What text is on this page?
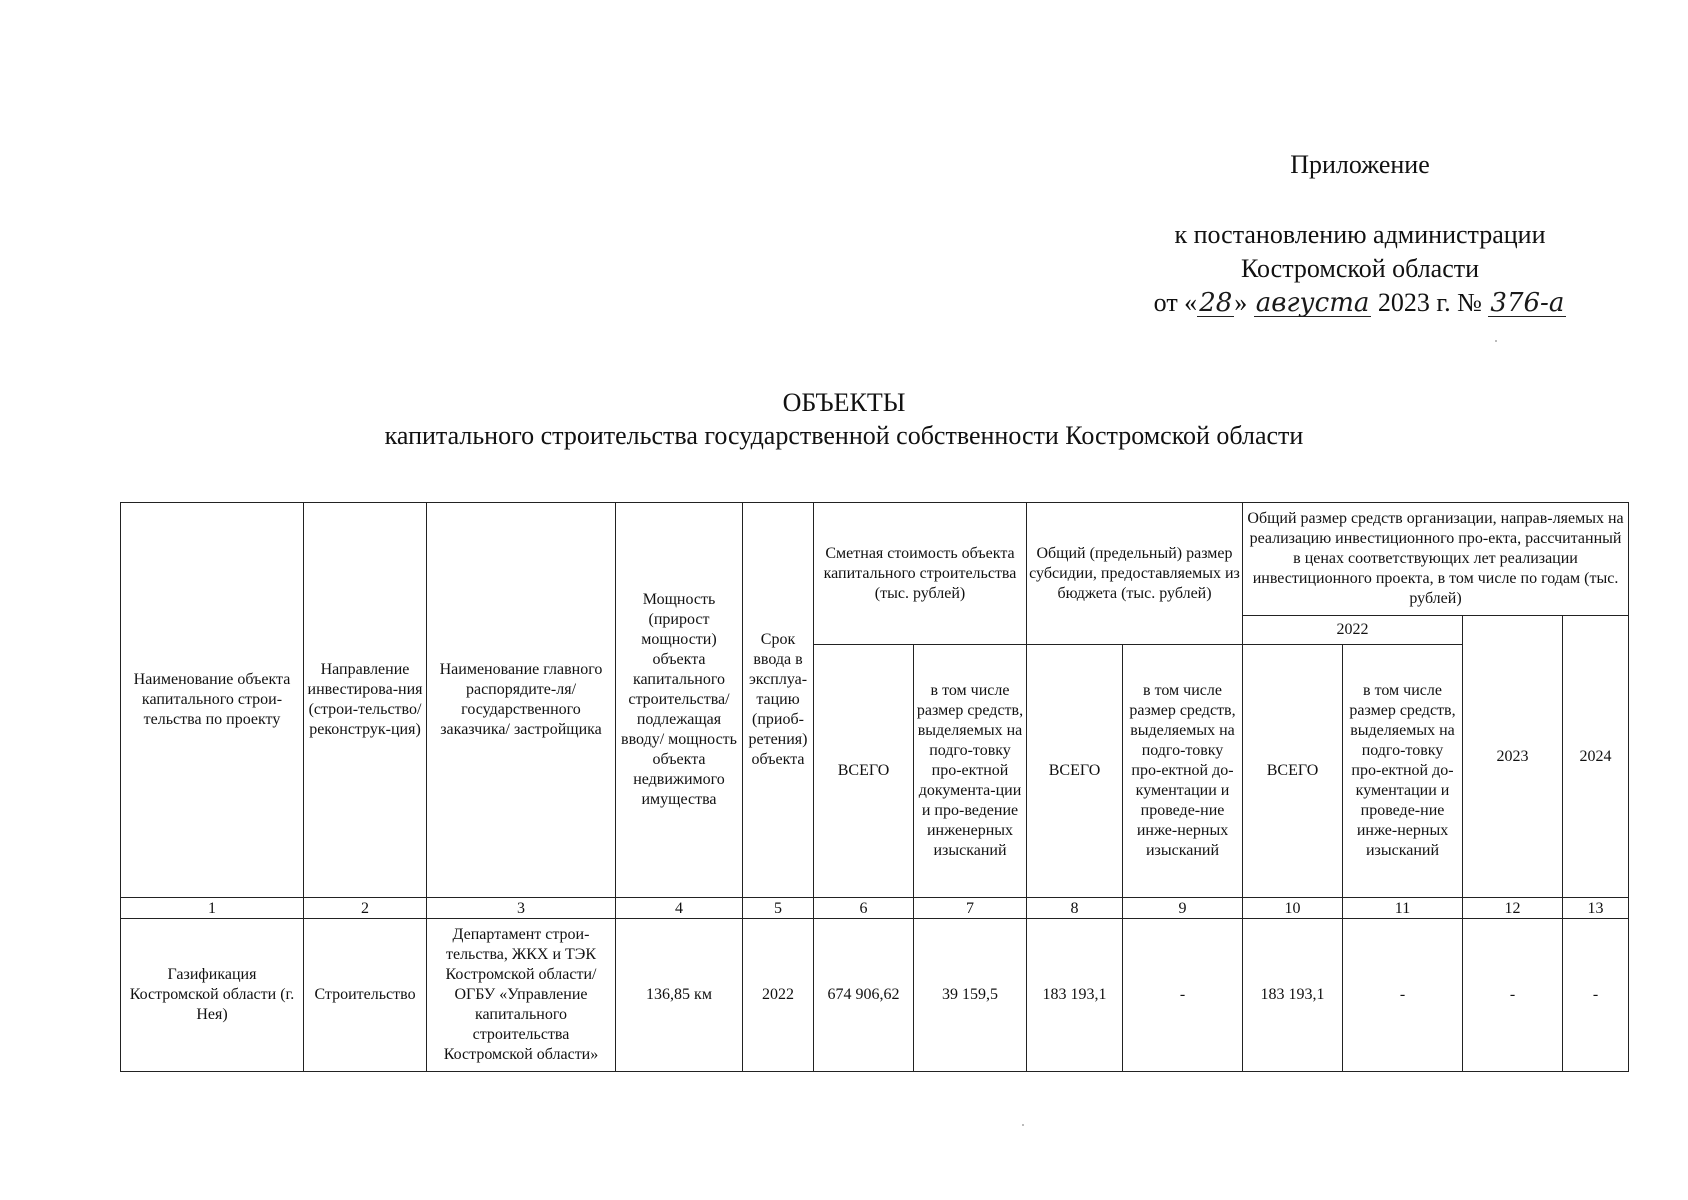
Приложение
к постановлению администрации
Костромской области
от «28» августа 2023 г. № 376-а
ОБЪЕКТЫ
капитального строительства государственной собственности Костромской области
Наименование объекта капитального строи-тельства по проекту	Направление инвестирова-ния (строи-тельство/ реконструк-ция)	Наименование главного распорядите-ля/государственного заказчика/ застройщика	Мощность (прирост мощности) объекта капитального строительства/ подлежащая вводу/ мощность объекта недвижимого имущества	Срок ввода в эксплуа-тацию (приоб-ретения) объекта	Сметная стоимость объекта капитального строительства (тыс. рублей)		Общий (предельный) размер субсидии, предоставляемых из бюджета (тыс. рублей)		Общий размер средств организации, направ-ляемых на реализацию инвестиционного про-екта, рассчитанный в ценах соответствующих лет реализации инвестиционного проекта, в том числе по годам (тыс. рублей)			
									2022		2023	2024
					ВСЕГО	в том числе размер средств, выделяемых на подго-товку про-ектной документа-ции и про-ведение инженерных изысканий	ВСЕГО	в том числе размер средств, выделяемых на подго-товку про-ектной до-кументации и проведе-ние инже-нерных изысканий	ВСЕГО	в том числе размер средств, выделяемых на подго-товку про-ектной до-кументации и проведе-ние инже-нерных изысканий		
1	2	3	4	5	6	7	8	9	10	11	12	13
Газификация Костромской области (г. Нея)	Строительство	Департамент строи-тельства, ЖКХ и ТЭК Костромской области/ ОГБУ «Управление капитального строительства Костромской области»	136,85 км	2022	674 906,62	39 159,5	183 193,1	-	183 193,1	-	-	-
